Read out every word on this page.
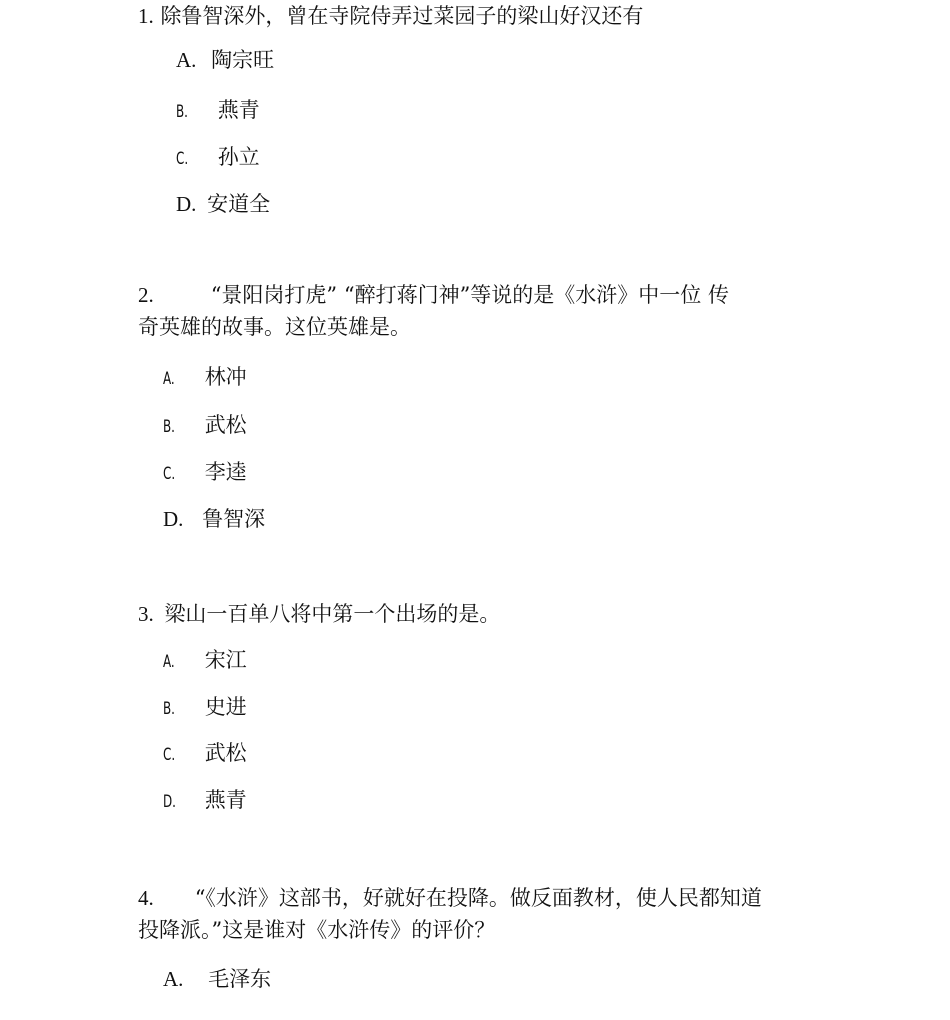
1. 除鲁智深外，曾在寺院侍弄过菜园子的梁山好汉还有
A. 陶宗旺
B. 燕青
C. 孙立
D. 安道全
2.	“景阳岗打虎” “醉打蒋门神”等说的是《水浒》中一位 传
奇英雄的故事。这位英雄是。
A. 林冲
B. 武松
C. 李逵
D. 鲁智深
3. 梁山一百单八将中第一个出场的是。
A. 宋江
B. 史进
C. 武松
D. 燕青
4. “《水浒》这部书，好就好在投降。做反面教材，使人民都知道
投降派。”这是谁对《水浒传》的评价？
A. 毛泽东
